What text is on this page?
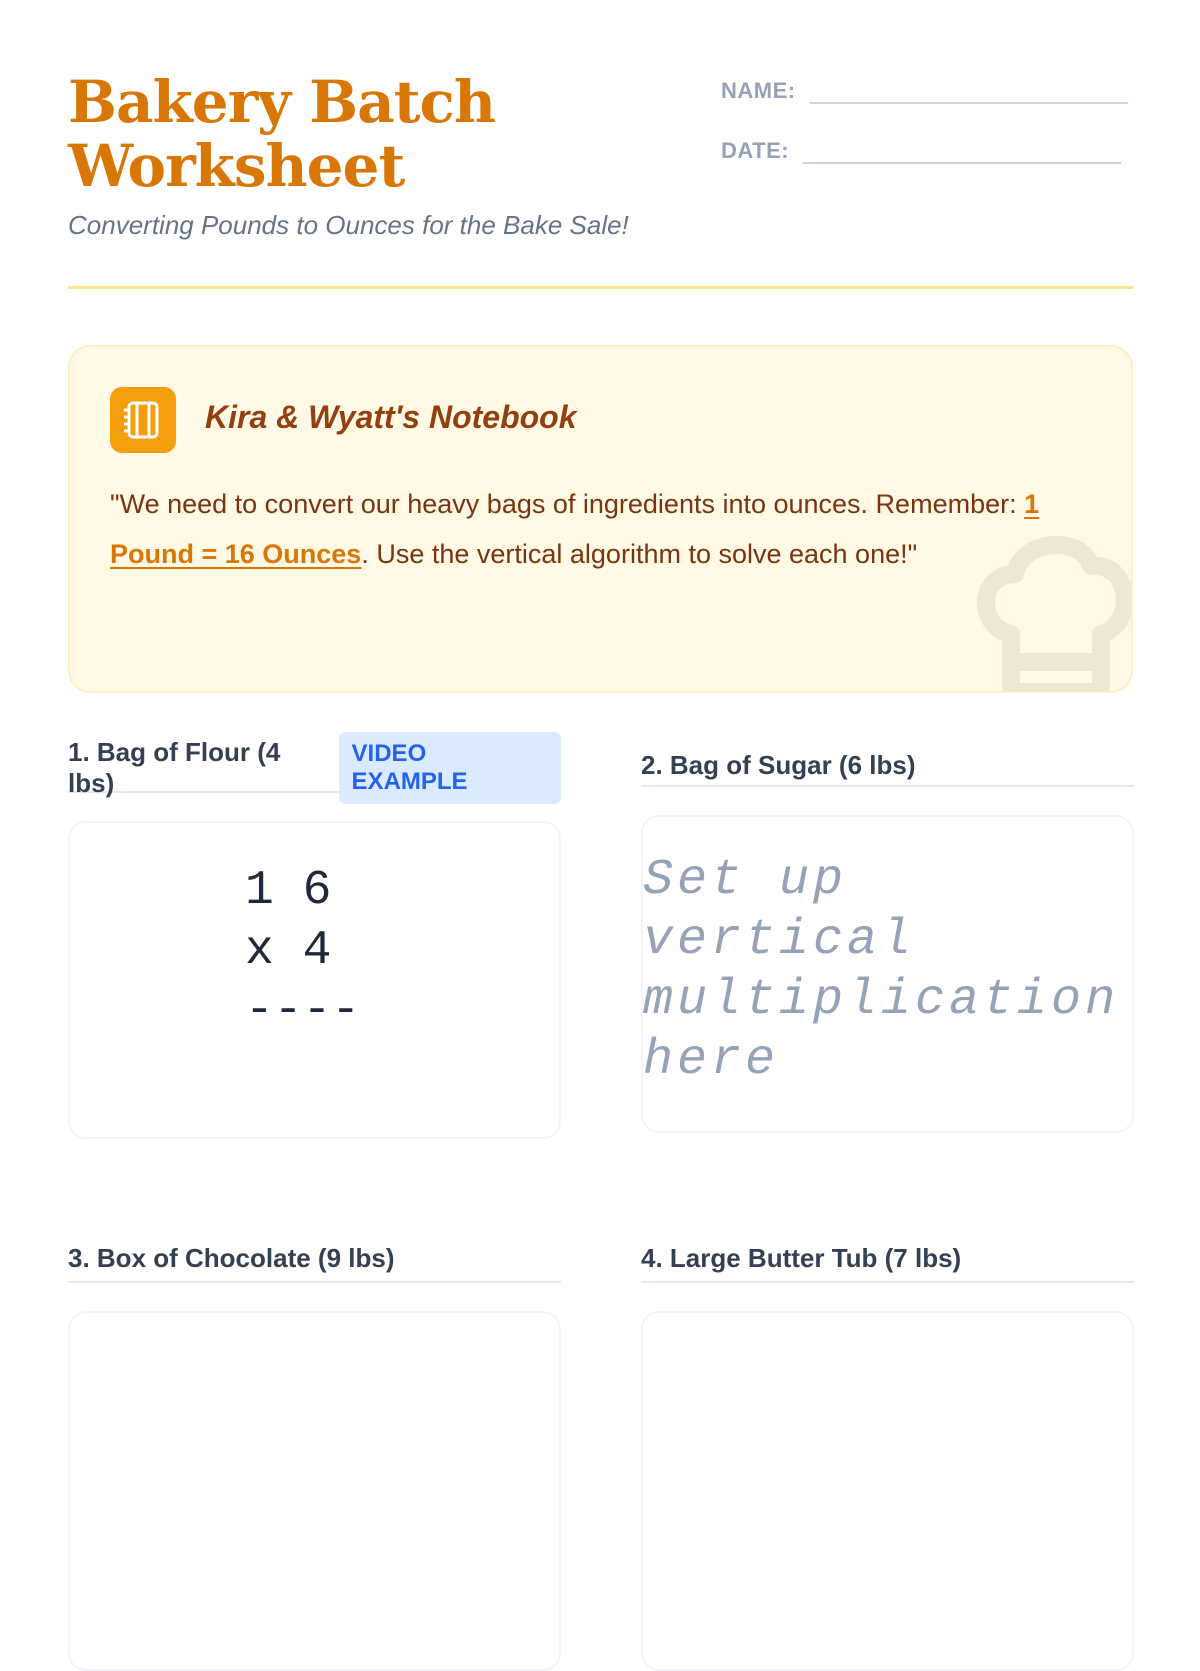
Bakery Batch Worksheet

Converting Pounds to Ounces for the Bake Sale!

NAME:
DATE:
Kira & Wyatt's Notebook
"We need to convert our heavy bags of ingredients into ounces. Remember: 1 Pound = 16 Ounces. Use the vertical algorithm to solve each one!"
1. Bag of Flour (4 lbs)
VIDEO EXAMPLE
1 6
x 4
----
2. Bag of Sugar (6 lbs)
Set up vertical multiplication here
3. Box of Chocolate (9 lbs)	4. Large Butter Tub (7 lbs)
